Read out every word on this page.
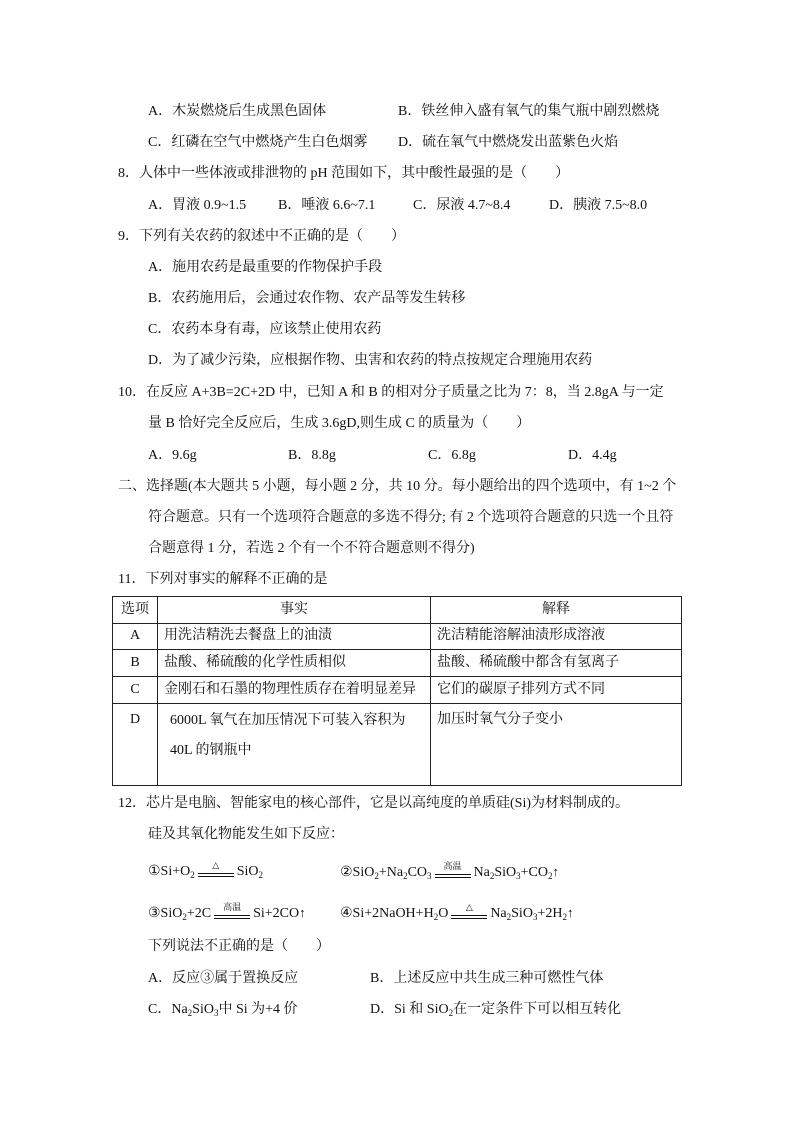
A．木炭燃烧后生成黑色固体	B．铁丝伸入盛有氧气的集气瓶中剧烈燃烧
C．红磷在空气中燃烧产生白色烟雾 D．硫在氧气中燃烧发出蓝紫色火焰
8．人体中一些体液或排泄物的 pH 范围如下，其中酸性最强的是（　　）
A．胃液 0.9~1.5 B．唾液 6.6~7.1	C．尿液 4.7~8.4	D．胰液 7.5~8.0
9．下列有关农药的叙述中不正确的是（　　）
A．施用农药是最重要的作物保护手段
B．农药施用后，会通过农作物、农产品等发生转移
C．农药本身有毒，应该禁止使用农药
D．为了减少污染，应根据作物、虫害和农药的特点按规定合理施用农药
10．在反应 A+3B=2C+2D 中，已知 A 和 B 的相对分子质量之比为 7：8，当 2.8gA 与一定
量 B 恰好完全反应后，生成 3.6gD,则生成 C 的质量为（　　）
A．9.6g	B．8.8g	C．6.8g	D．4.4g
二、选择题(本大题共 5 小题，每小题 2 分，共 10 分。每小题给出的四个选项中，有 1~2 个
符合题意。只有一个选项符合题意的多选不得分; 有 2 个选项符合题意的只选一个且符
合题意得 1 分，若选 2 个有一个不符合题意则不得分)
11．下列对事实的解释不正确的是
选项	事实	解释
A	用洗洁精洗去餐盘上的油渍	洗洁精能溶解油渍形成溶液
B	盐酸、稀硫酸的化学性质相似	盐酸、稀硫酸中都含有氢离子
C	金刚石和石墨的物理性质存在着明显差异	它们的碳原子排列方式不同
D	6000L 氧气在加压情况下可装入容积为
40L 的钢瓶中	加压时氧气分子变小
12．芯片是电脑、智能家电的核心部件，它是以高纯度的单质硅(Si)为材料制成的。
硅及其氧化物能发生如下反应：
$①Si+O_2$
△	SiO$_2$	$②SiO_2+Na_2CO_3$
高温 $Na_2SiO_3+CO_2↑$
③SiO$_2$+2C	高温 Si+2CO↑ $④Si+2NaOH+H_2O$	△	$Na_2SiO_3+2H_2↑$
下列说法不正确的是（　　）
A．反应③属于置换反应	B．上述反应中共生成三种可燃性气体
C．$Na_2SiO_3$中 Si 为+4 价	D．Si 和 SiO$_2$在一定条件下可以相互转化
